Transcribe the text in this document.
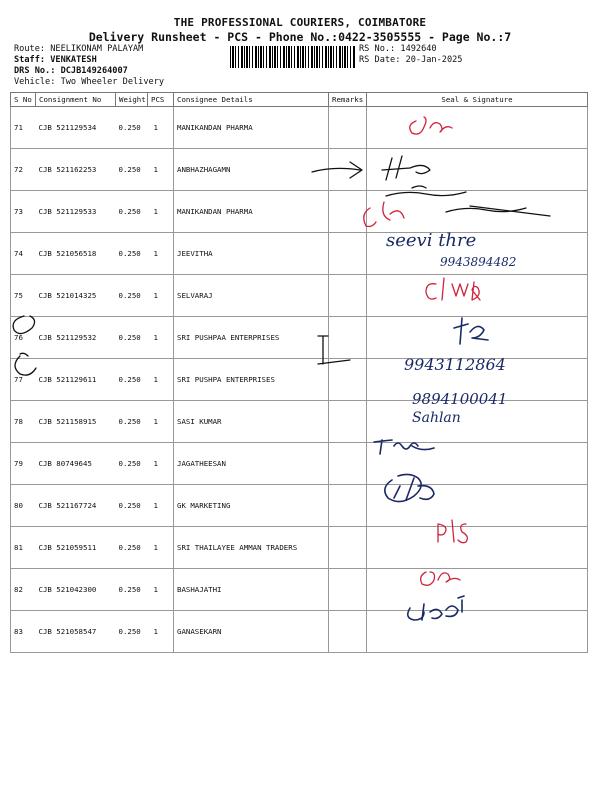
THE PROFESSIONAL COURIERS, COIMBATORE
Delivery Runsheet - PCS - Phone No.:0422-3505555 - Page No.:7
Route: NEELIKONAM PALAYAM
Staff: VENKATESH
DRS No.: DCJB149264007
Vehicle: Two Wheeler Delivery
RS No.: 1492640
RS Date: 20-Jan-2025
S No	Consignment No	Weight	PCS	Consignee Details	Remarks	Seal & Signature
71	CJB 521129534	0.250	1	MANIKANDAN PHARMA		
72	CJB 521162253	0.250	1	ANBHAZHAGAMN		
73	CJB 521129533	0.250	1	MANIKANDAN PHARMA		
74	CJB 521056518	0.250	1	JEEVITHA		
75	CJB 521014325	0.250	1	SELVARAJ		
76	CJB 521129532	0.250	1	SRI PUSHPAA ENTERPRISES		
77	CJB 521129611	0.250	1	SRI PUSHPA ENTERPRISES		
78	CJB 521158915	0.250	1	SASI KUMAR		
79	CJB 80749645	0.250	1	JAGATHEESAN		
80	CJB 521167724	0.250	1	GK MARKETING		
81	CJB 521059511	0.250	1	SRI THAILAYEE AMMAN TRADERS		
82	CJB 521042300	0.250	1	BASHAJATHI		
83	CJB 521058547	0.250	1	GANASEKARN		
seevi thre
9943894482
9943112864
9894100041
Sahlan
